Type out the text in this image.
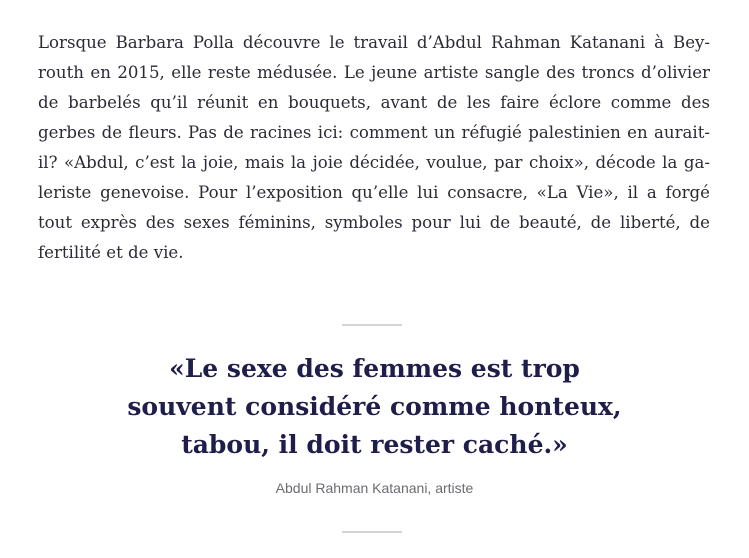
Lorsque Barbara Polla découvre le travail d’Abdul Rahman Katanani à Bey-
routh en 2015, elle reste médusée. Le jeune artiste sangle des troncs d’olivier
de barbelés qu’il réunit en bouquets, avant de les faire éclore comme des
gerbes de fleurs. Pas de racines ici: comment un réfugié palestinien en aurait-
il? «Abdul, c’est la joie, mais la joie décidée, voulue, par choix», décode la ga-
leriste genevoise. Pour l’exposition qu’elle lui consacre, «La Vie», il a forgé
tout exprès des sexes féminins, symboles pour lui de beauté, de liberté, de
fertilité et de vie.

«Le sexe des femmes est trop
souvent considéré comme honteux,
tabou, il doit rester caché.»
Abdul Rahman Katanani, artiste
